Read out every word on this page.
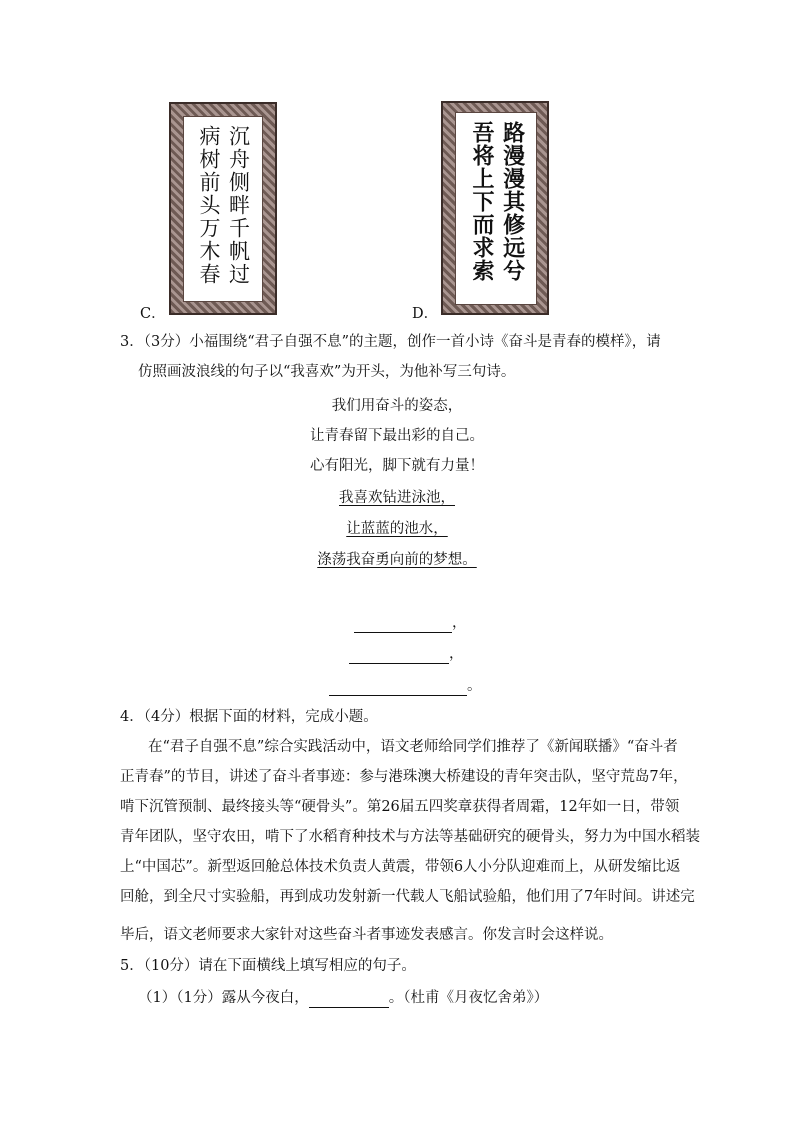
沉舟侧畔千帆过
病树前头万木春
C．
路漫漫其修远兮
吾将上下而求索
D．
3．（3分）小福围绕“君子自强不息”的主题，创作一首小诗《奋斗是青春的模样》，请
仿照画波浪线的句子以“我喜欢”为开头，为他补写三句诗。
我们用奋斗的姿态，
让青春留下最出彩的自己。
心有阳光，脚下就有力量！
我喜欢钻进泳池，
让蓝蓝的池水，
涤荡我奋勇向前的梦想。
，
，
。
4．（4分）根据下面的材料，完成小题。
在“君子自强不息”综合实践活动中，语文老师给同学们推荐了《新闻联播》“奋斗者
正青春”的节目，讲述了奋斗者事迹：参与港珠澳大桥建设的青年突击队，坚守荒岛7年，
啃下沉管预制、最终接头等“硬骨头”。第26届五四奖章获得者周霜，12年如一日，带领
青年团队，坚守农田，啃下了水稻育种技术与方法等基础研究的硬骨头，努力为中国水稻装
上“中国芯”。新型返回舱总体技术负责人黄震，带领6人小分队迎难而上，从研发缩比返
回舱，到全尺寸实验船，再到成功发射新一代载人飞船试验船，他们用了7年时间。讲述完
毕后，语文老师要求大家针对这些奋斗者事迹发表感言。你发言时会这样说。
5．（10分）请在下面横线上填写相应的句子。
（1）（1分）露从今夜白，	。（杜甫《月夜忆舍弟》）
